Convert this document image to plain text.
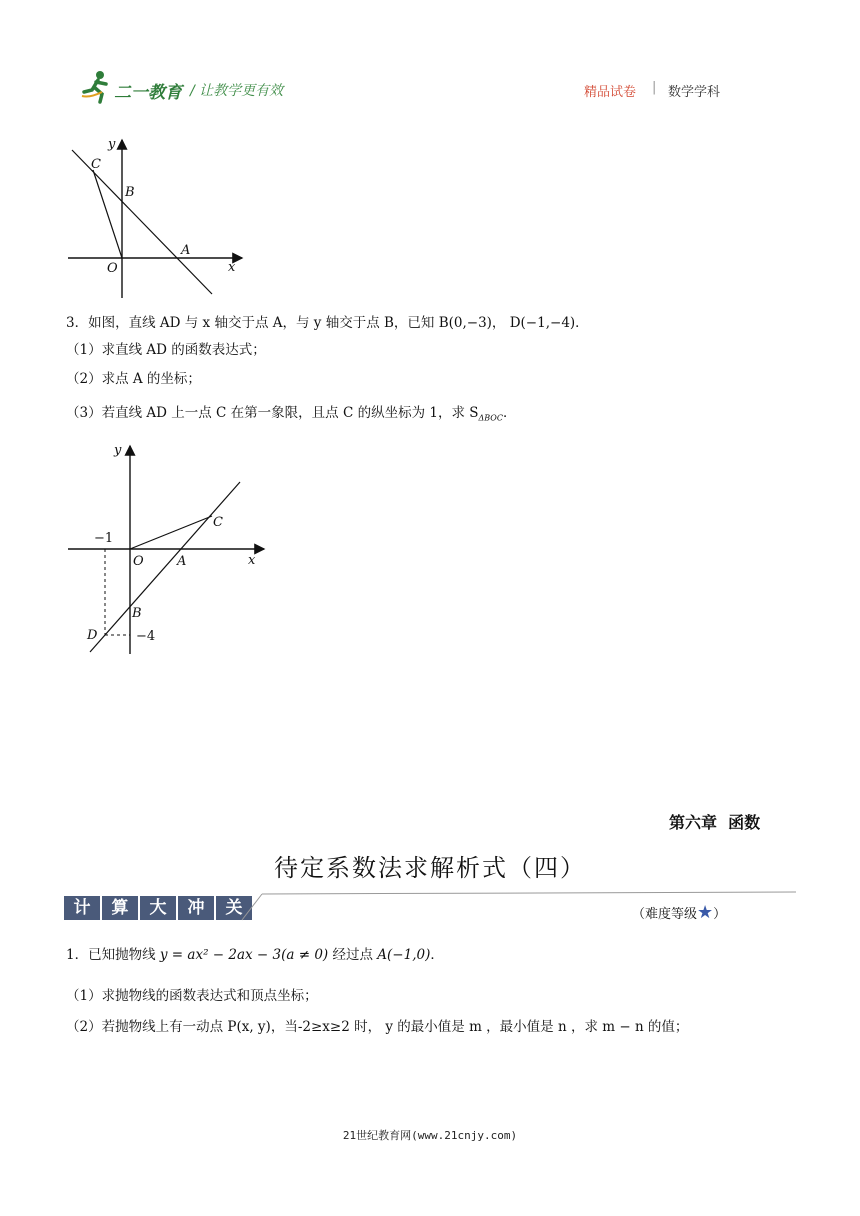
二一教育 / 让教学更有效	精品试卷 | 数学学科
y
x
O
A
B
C
3．如图，直线 AD 与 x 轴交于点 A，与 y 轴交于点 B，已知 B(0,−3)， D(−1,−4)．
（1）求直线 AD 的函数表达式；
（2）求点 A 的坐标；
（3）若直线 AD 上一点 C 在第一象限，且点 C 的纵坐标为 1，求 $S_{\Delta BOC}$．
y
x
O	A
B
C
D
−1
−4
第六章  函数
待定系数法求解析式（四）
计	算	大	冲	关	（难度等级★）
1．已知抛物线 y = ax² − 2ax − 3(a ≠ 0) 经过点 A(−1,0)．
（1）求抛物线的函数表达式和顶点坐标；
（2）若抛物线上有一动点 P(x, y)，当-2≥x≥2 时， y 的最小值是 m ，最小值是 n ，求 m − n 的值；
21世纪教育网(www.21cnjy.com)
